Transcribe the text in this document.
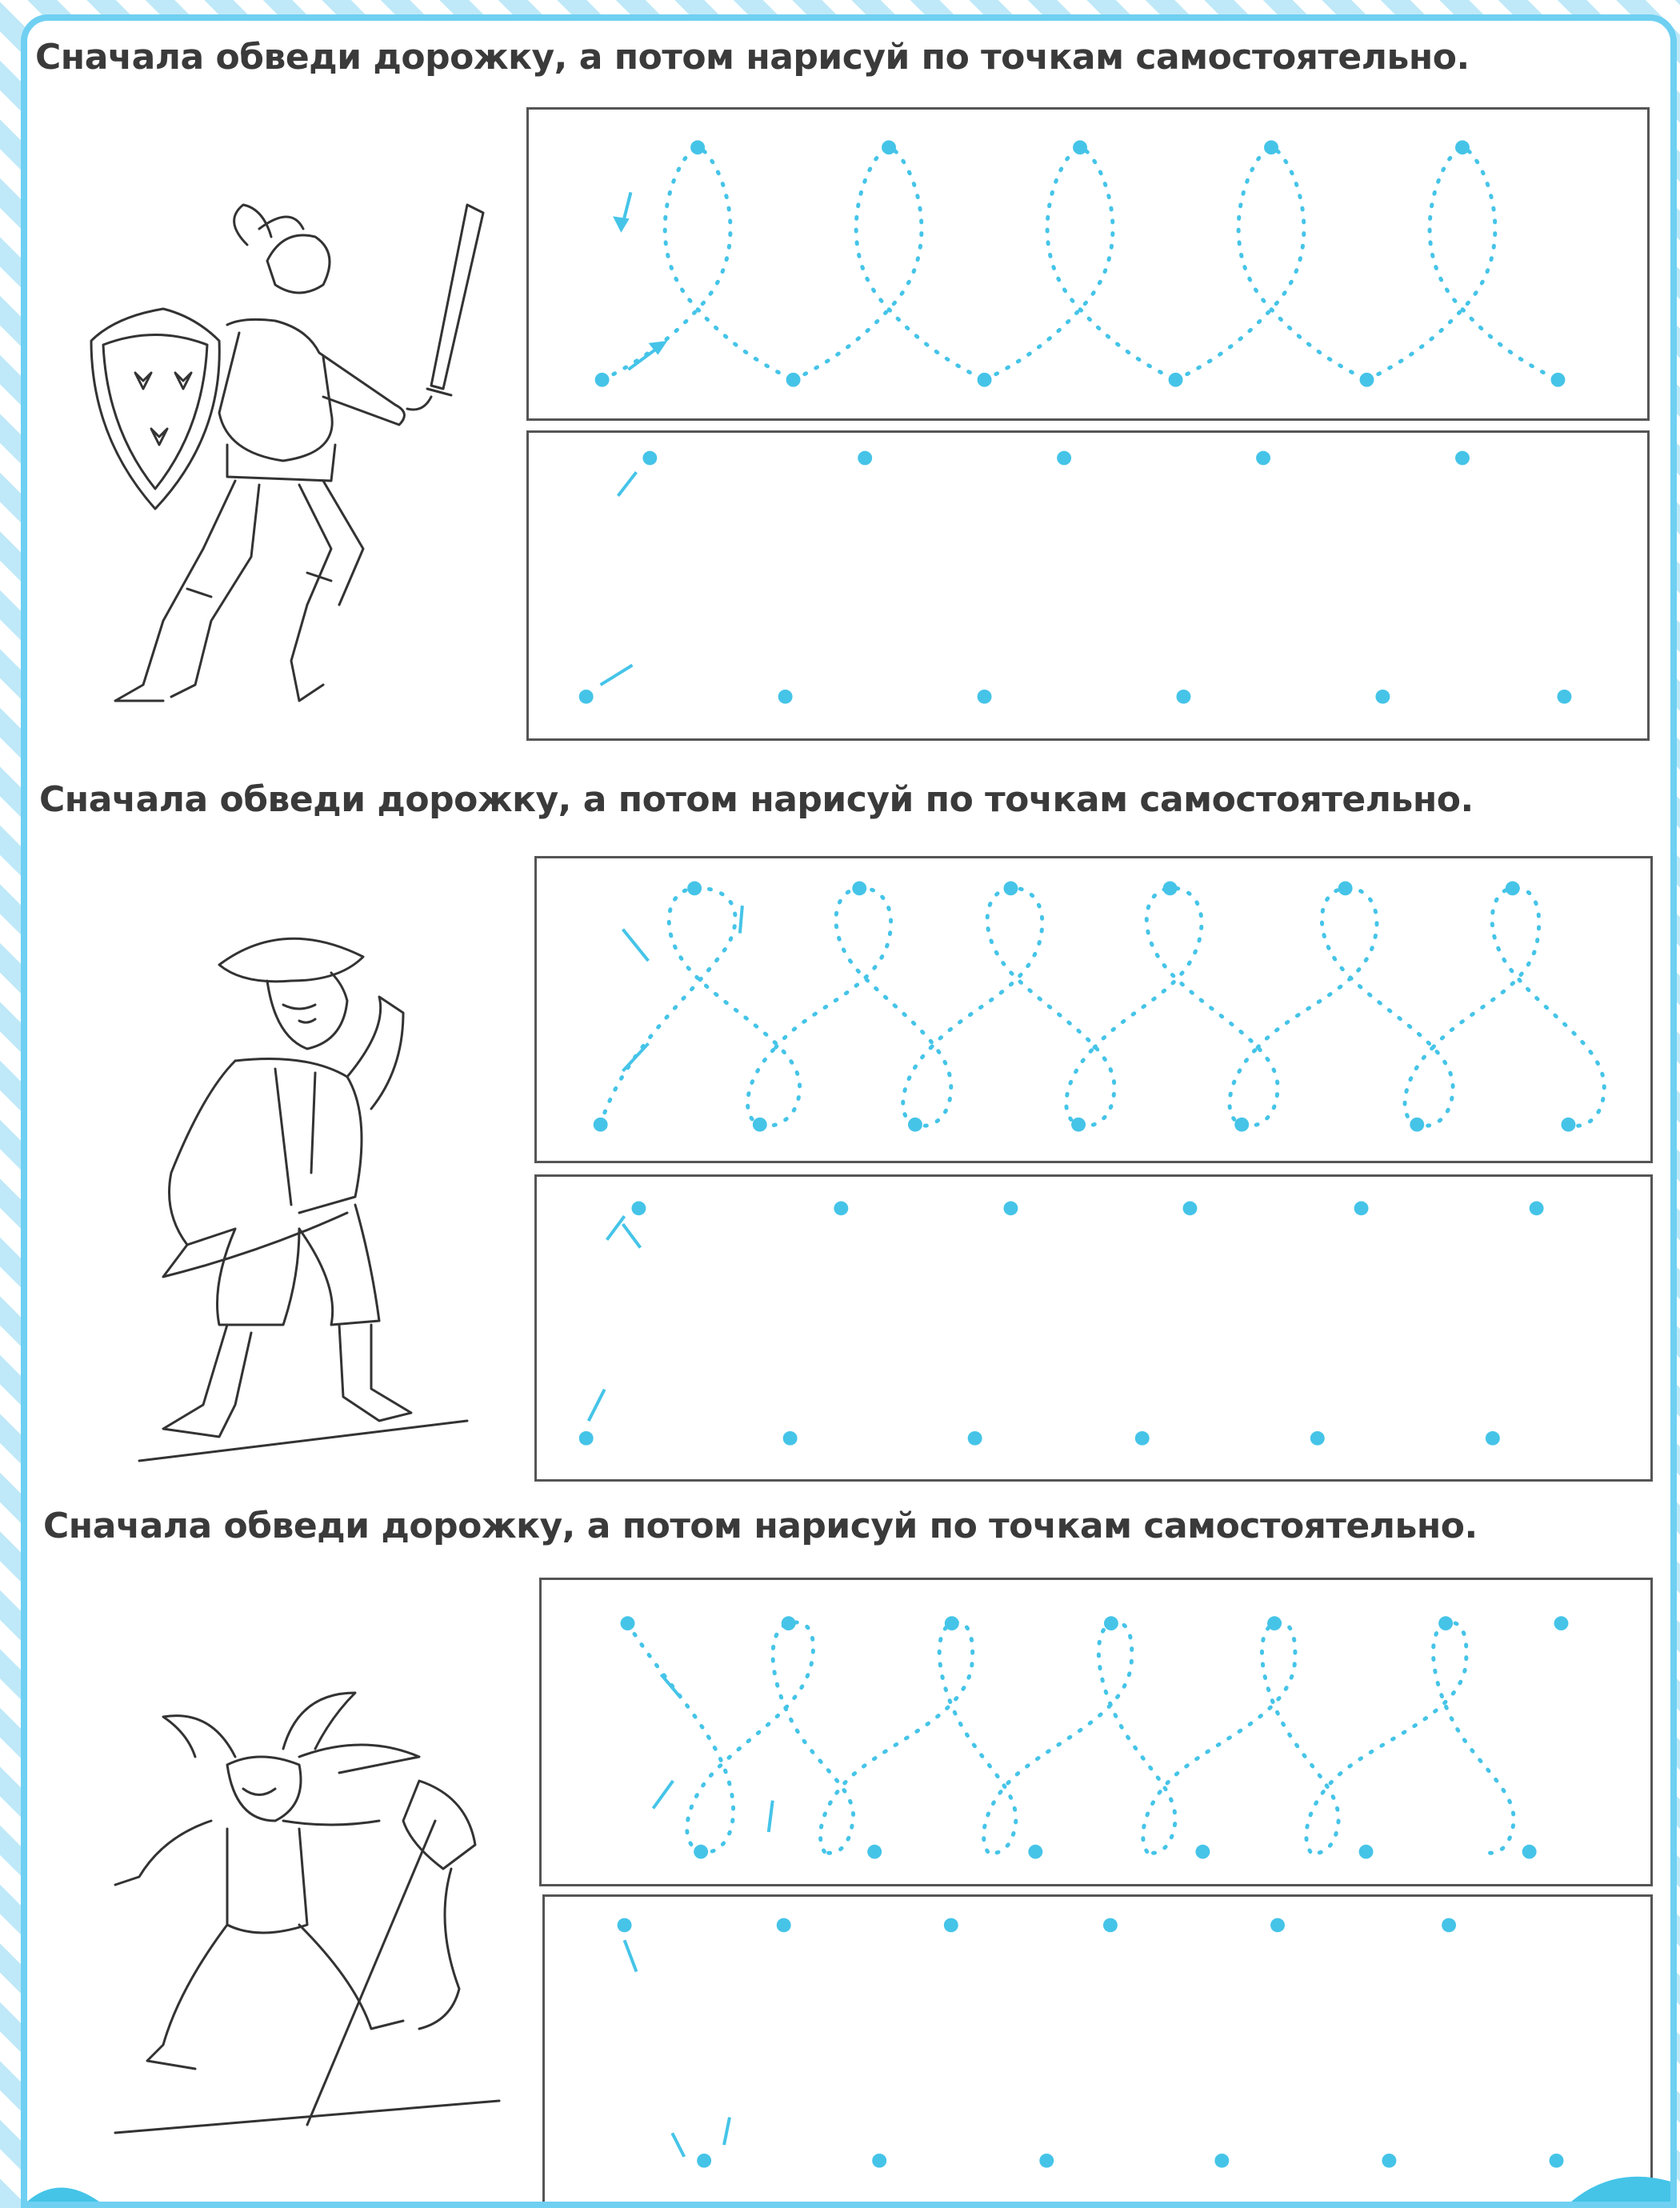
Сначала обведи дорожку, а потом нарисуй по точкам самостоятельно.

Сначала обведи дорожку, а потом нарисуй по точкам самостоятельно.

Сначала обведи дорожку, а потом нарисуй по точкам самостоятельно.
